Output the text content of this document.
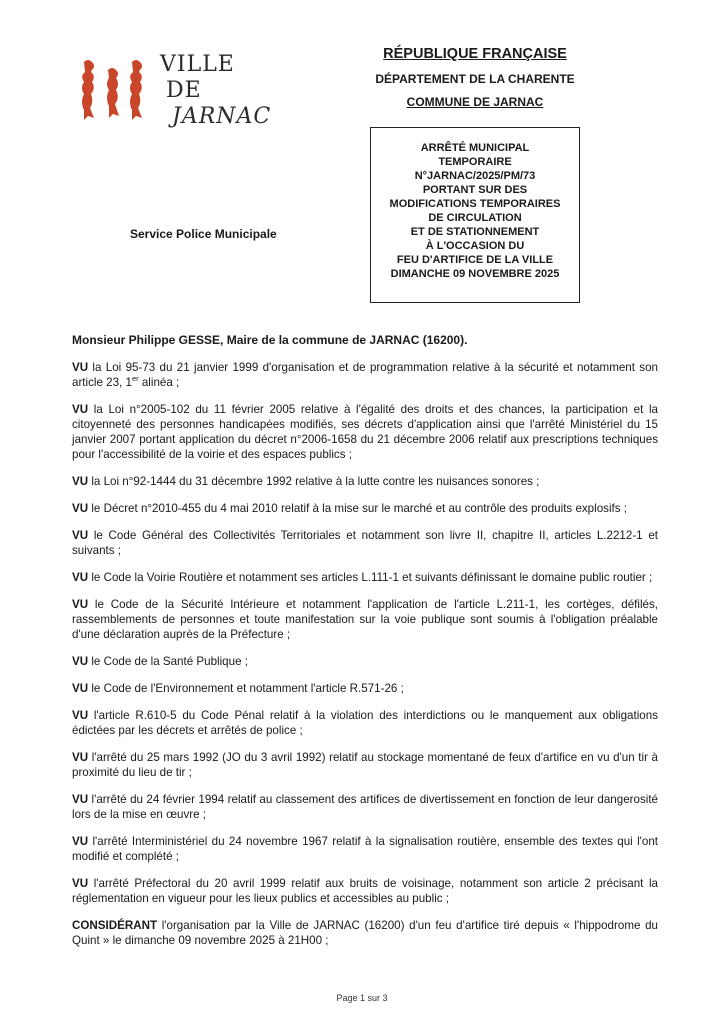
VILLE
DE
JARNAC
RÉPUBLIQUE FRANÇAISE
DÉPARTEMENT DE LA CHARENTE
COMMUNE DE JARNAC
Service Police Municipale
ARRÊTÉ MUNICIPAL
TEMPORAIRE
N°JARNAC/2025/PM/73
PORTANT SUR DES
MODIFICATIONS TEMPORAIRES
DE CIRCULATION
ET DE STATIONNEMENT
À L'OCCASION DU
FEU D'ARTIFICE DE LA VILLE
DIMANCHE 09 NOVEMBRE 2025

Monsieur Philippe GESSE, Maire de la commune de JARNAC (16200).

VU la Loi 95-73 du 21 janvier 1999 d'organisation et de programmation relative à la sécurité et notamment son article 23, 1er alinéa ;

VU la Loi n°2005-102 du 11 février 2005 relative à l'égalité des droits et des chances, la participation et la citoyenneté des personnes handicapées modifiés, ses décrets d'application ainsi que l'arrêté Ministériel du 15 janvier 2007 portant application du décret n°2006-1658 du 21 décembre 2006 relatif aux prescriptions techniques pour l'accessibilité de la voirie et des espaces publics ;

VU la Loi n°92-1444 du 31 décembre 1992 relative à la lutte contre les nuisances sonores ;

VU le Décret n°2010-455 du 4 mai 2010 relatif à la mise sur le marché et au contrôle des produits explosifs ;

VU le Code Général des Collectivités Territoriales et notamment son livre II, chapitre II, articles L.2212-1 et suivants ;

VU le Code la Voirie Routière et notamment ses articles L.111-1 et suivants définissant le domaine public routier ;

VU le Code de la Sécurité Intérieure et notamment l'application de l'article L.211-1, les cortèges, défilés, rassemblements de personnes et toute manifestation sur la voie publique sont soumis à l'obligation préalable d'une déclaration auprès de la Préfecture ;

VU le Code de la Santé Publique ;

VU le Code de l'Environnement et notamment l'article R.571-26 ;

VU l'article R.610-5 du Code Pénal relatif à la violation des interdictions ou le manquement aux obligations édictées par les décrets et arrêtés de police ;

VU l'arrêté du 25 mars 1992 (JO du 3 avril 1992) relatif au stockage momentané de feux d'artifice en vu d'un tir à proximité du lieu de tir ;

VU l'arrêté du 24 février 1994 relatif au classement des artifices de divertissement en fonction de leur dangerosité lors de la mise en œuvre ;

VU l'arrêté Interministériel du 24 novembre 1967 relatif à la signalisation routière, ensemble des textes qui l'ont modifié et complété ;

VU l'arrêté Préfectoral du 20 avril 1999 relatif aux bruits de voisinage, notamment son article 2 précisant la réglementation en vigueur pour les lieux publics et accessibles au public ;

CONSIDÉRANT l'organisation par la Ville de JARNAC (16200) d'un feu d'artifice tiré depuis « l'hippodrome du Quint » le dimanche 09 novembre 2025 à 21H00 ;

Page 1 sur 3
